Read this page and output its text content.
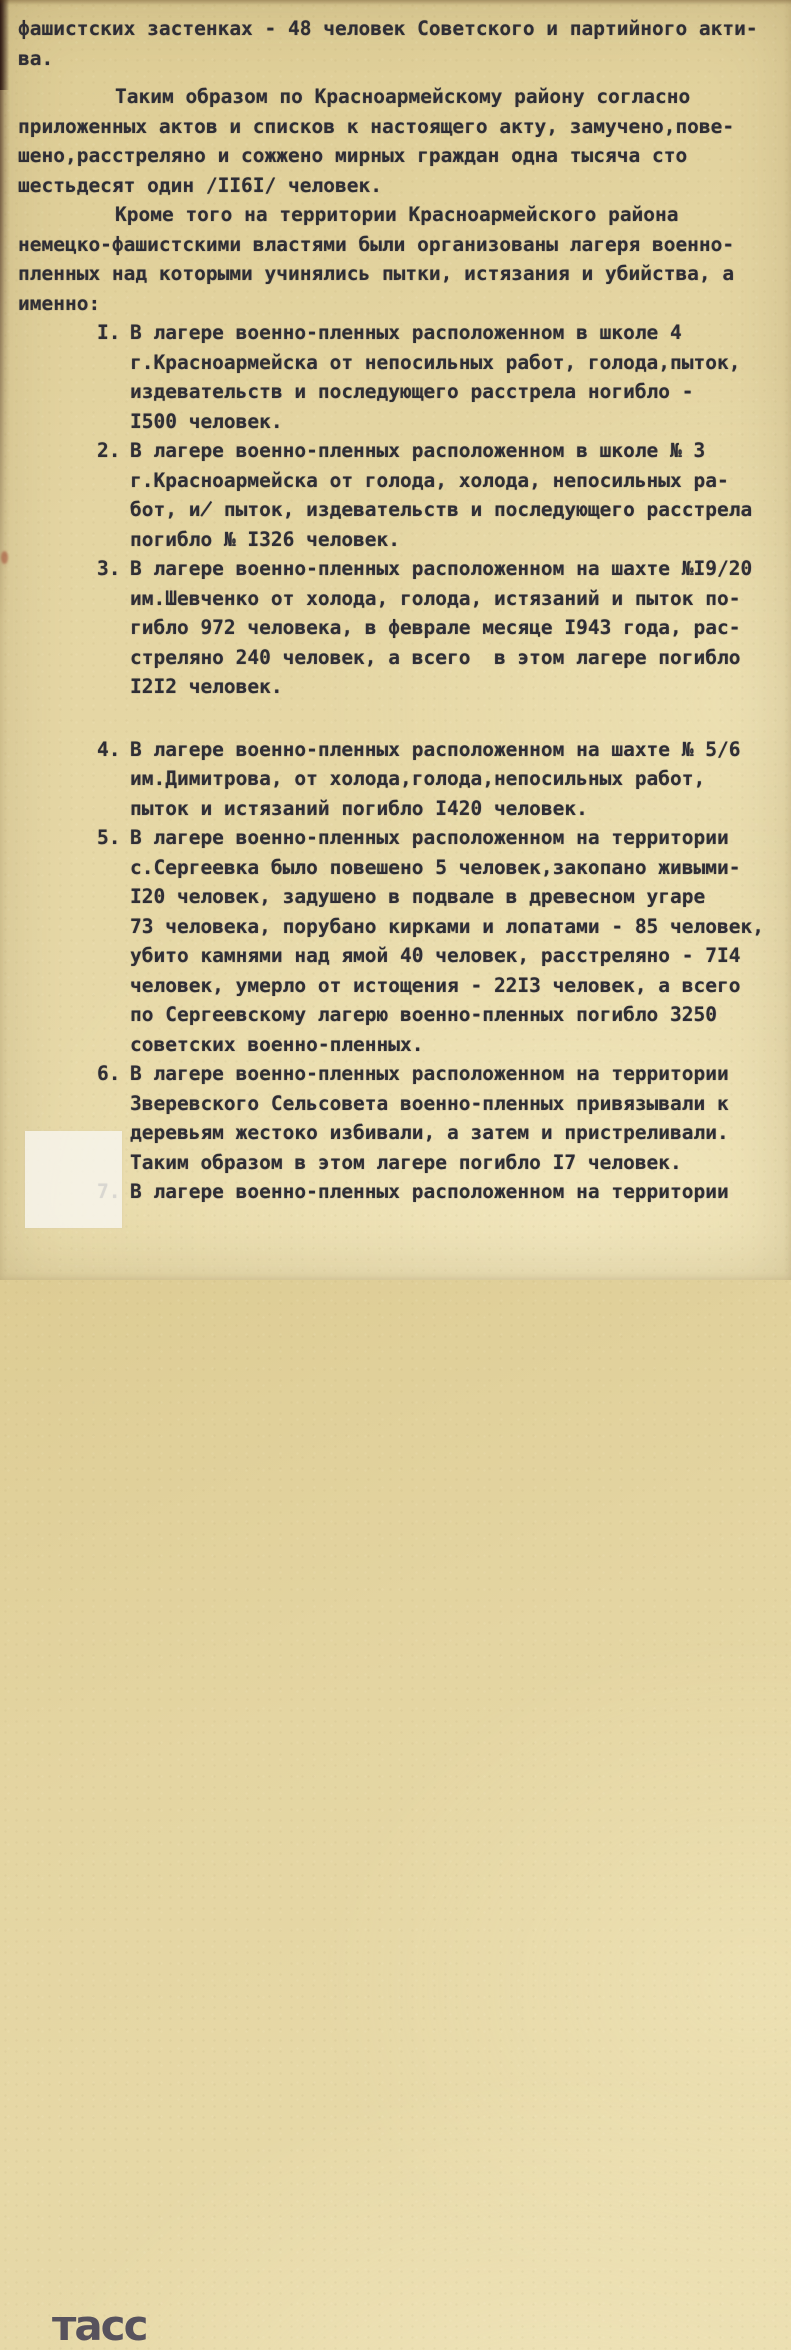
фашистских застенках - 48 человек Советского и партийного акти-
ва.
Таким образом по Красноармейскому району согласно
приложенных актов и списков к настоящего акту, замучено,пове-
шено,расстреляно и сожжено мирных граждан одна тысяча сто
шестьдесят один /II6I/ человек.
Кроме того на территории Красноармейского района
немецко-фашистскими властями были организованы лагеря военно-
пленных над которыми учинялись пытки, истязания и убийства, а
именно:
I. В лагере военно-пленных расположенном в школе 4
г.Красноармейска от непосильных работ, голода,пыток,
издевательств и последующего расстрела ногибло -
I500 человек.
2. В лагере военно-пленных расположенном в школе № 3
г.Красноармейска от голода, холода, непосильных ра-
бот, и̸ пыток, издевательств и последующего расстрела
погибло № I326 человек.
3. В лагере военно-пленных расположенном на шахте №I9/20
им.Шевченко от холода, голода, истязаний и пыток по-
гибло 972 человека, в феврале месяце I943 года, рас-
стреляно 240 человек, а всего  в этом лагере погибло
I2I2 человек.
4. В лагере военно-пленных расположенном на шахте № 5/6
им.Димитрова, от холода,голода,непосильных работ,
пыток и истязаний погибло I420 человек.
5. В лагере военно-пленных расположенном на территории
с.Сергеевка было повешено 5 человек,закопано живыми-
I20 человек, задушено в подвале в древесном угаре
73 человека, порубано кирками и лопатами - 85 человек,
убито камнями над ямой 40 человек, расстреляно - 7I4
человек, умерло от истощения - 22I3 человек, а всего
по Сергеевскому лагерю военно-пленных погибло 3250
советских военно-пленных.
6. В лагере военно-пленных расположенном на территории
Зверевского Сельсовета военно-пленных привязывали к
деревьям жестоко избивали, а затем и пристреливали.
Таким образом в этом лагере погибло I7 человек.
В лагере военно-пленных расположенном на территории
тасс
